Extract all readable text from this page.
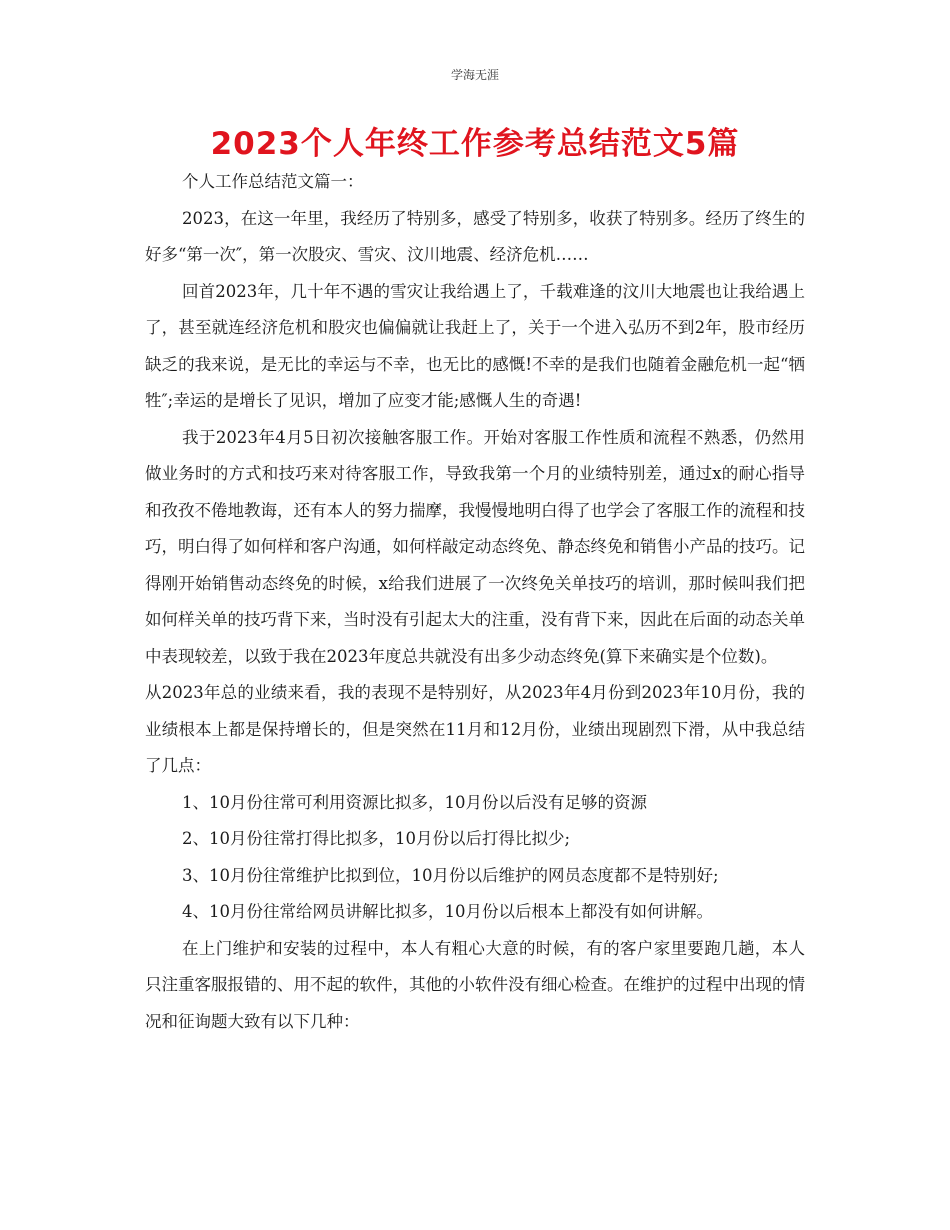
学海无涯
2023个人年终工作参考总结范文5篇

个人工作总结范文篇一：

2023，在这一年里，我经历了特别多，感受了特别多，收获了特别多。经历了终生的好多“第一次″，第一次股灾、雪灾、汶川地震、经济危机……

回首2023年，几十年不遇的雪灾让我给遇上了，千载难逢的汶川大地震也让我给遇上了，甚至就连经济危机和股灾也偏偏就让我赶上了，关于一个进入弘历不到2年，股市经历缺乏的我来说，是无比的幸运与不幸，也无比的感慨!不幸的是我们也随着金融危机一起“牺牲″;幸运的是增长了见识，增加了应变才能;感慨人生的奇遇!

我于2023年4月5日初次接触客服工作。开始对客服工作性质和流程不熟悉，仍然用做业务时的方式和技巧来对待客服工作，导致我第一个月的业绩特别差，通过x的耐心指导和孜孜不倦地教诲，还有本人的努力揣摩，我慢慢地明白得了也学会了客服工作的流程和技巧，明白得了如何样和客户沟通，如何样敲定动态终免、静态终免和销售小产品的技巧。记得刚开始销售动态终免的时候，x给我们进展了一次终免关单技巧的培训，那时候叫我们把如何样关单的技巧背下来，当时没有引起太大的注重，没有背下来，因此在后面的动态关单中表现较差，以致于我在2023年度总共就没有出多少动态终免(算下来确实是个位数)。

从2023年总的业绩来看，我的表现不是特别好，从2023年4月份到2023年10月份，我的业绩根本上都是保持增长的，但是突然在11月和12月份，业绩出现剧烈下滑，从中我总结了几点：

1、10月份往常可利用资源比拟多，10月份以后没有足够的资源

2、10月份往常打得比拟多，10月份以后打得比拟少;

3、10月份往常维护比拟到位，10月份以后维护的网员态度都不是特别好;

4、10月份往常给网员讲解比拟多，10月份以后根本上都没有如何讲解。

在上门维护和安装的过程中，本人有粗心大意的时候，有的客户家里要跑几趟，本人只注重客服报错的、用不起的软件，其他的小软件没有细心检查。在维护的过程中出现的情况和征询题大致有以下几种：
